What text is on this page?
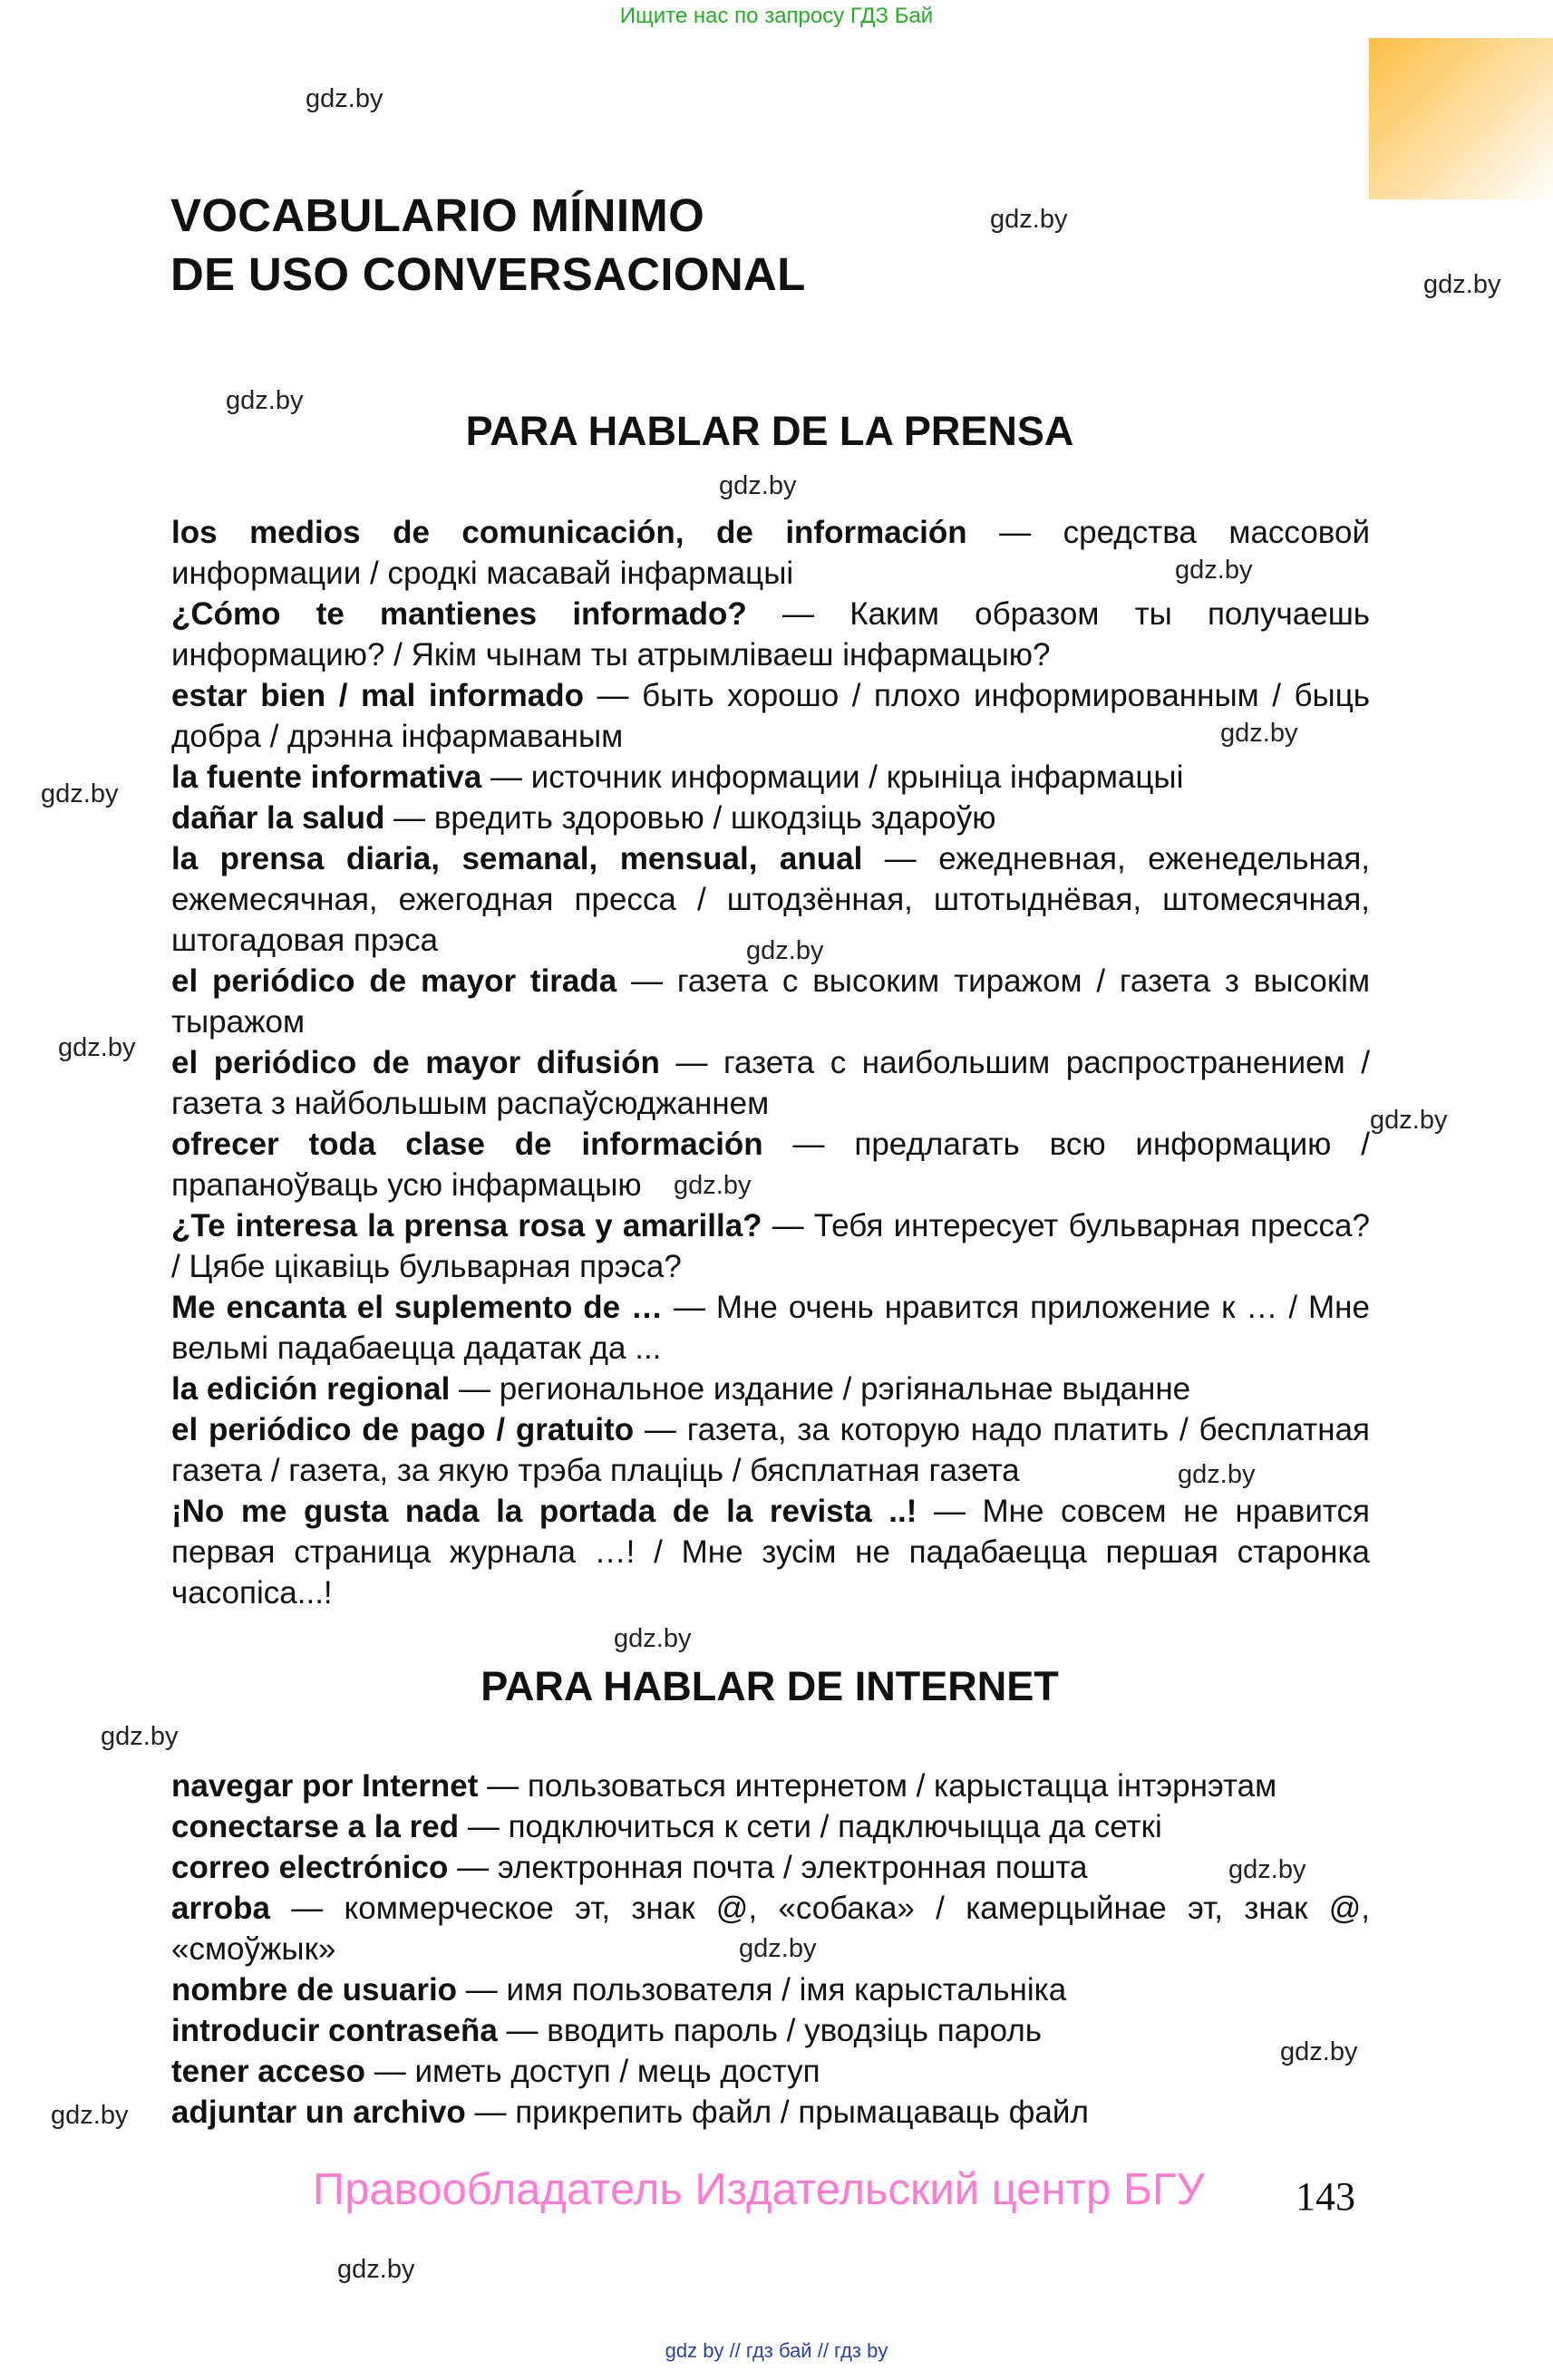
Ищите нас по запросу ГДЗ Бай
VOCABULARIO MÍNIMO
DE USO CONVERSACIONAL
PARA HABLAR DE LA PRENSA
los medios de comunicación, de información — средства массовой информации / сродкі масавай інфармацыі
¿Cómo te mantienes informado? — Каким образом ты получаешь информацию? / Якім чынам ты атрымліваеш інфармацыю?
estar bien / mal informado — быть хорошо / плохо информированным / быць добра / дрэнна інфармаваным
la fuente informativa — источник информации / крыніца інфармацыі
dañar la salud — вредить здоровью / шкодзіць здароўю
la prensa diaria, semanal, mensual, anual — ежедневная, еженедельная, ежемесячная, ежегодная пресса / штодзённая, штотыднёвая, штомесячная, штогадовая прэса
el periódico de mayor tirada — газета с высоким тиражом / газета з высокім тыражом
el periódico de mayor difusión — газета с наибольшим распространением / газета з найбольшым распаўсюджаннем
ofrecer toda clase de información — предлагать всю информацию / прапаноўваць усю інфармацыю
¿Te interesa la prensa rosa y amarilla? — Тебя интересует бульварная пресса? / Цябе цікавіць бульварная прэса?
Me encanta el suplemento de … — Мне очень нравится приложение к … / Мне вельмі падабаецца дадатак да ...
la edición regional — региональное издание / рэгіянальнае выданне
el periódico de pago / gratuito — газета, за которую надо платить / бесплатная газета / газета, за якую трэба плаціць / бясплатная газета
¡No me gusta nada la portada de la revista ..! — Мне совсем не нравится первая страница журнала …! / Мне зусім не падабаецца першая старонка часопіса...!
PARA HABLAR DE INTERNET
navegar por Internet — пользоваться интернетом / карыстацца інтэрнэтам
conectarse a la red — подключиться к сети / падключыцца да сеткі
correo electrónico — электронная почта / электронная пошта
arroba — коммерческое эт, знак @, «собака» / камерцыйнае эт, знак @, «смоўжык»
nombre de usuario — имя пользователя / імя карыстальніка
introducir contraseña — вводить пароль / уводзіць пароль
tener acceso — иметь доступ / мець доступ
adjuntar un archivo — прикрепить файл / прымацаваць файл
gdz.by
gdz.by
gdz.by
gdz.by
gdz.by
gdz.by
gdz.by
gdz.by
gdz.by
gdz.by
gdz.by
gdz.by
gdz.by
gdz.by
gdz.by
gdz.by
gdz.by
gdz.by
gdz.by
gdz.by
Правообладатель Издательский центр БГУ 143
gdz by // гдз бай // гдз by
